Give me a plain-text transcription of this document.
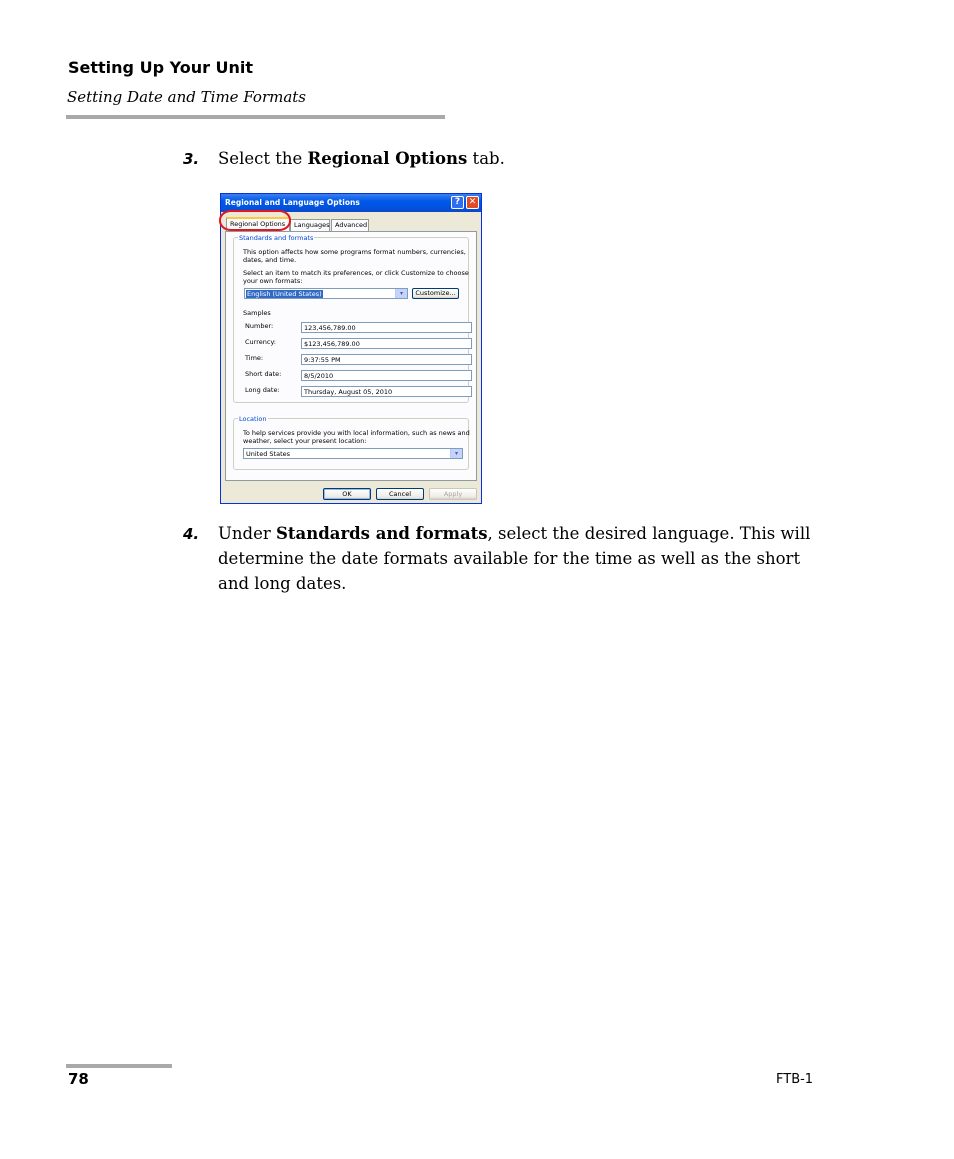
Setting Up Your Unit
Setting Date and Time Formats
3. Select the Regional Options tab.
Regional and Language Options	? ✕
Regional Options	Languages Advanced
Standards and formats
This option affects how some programs format numbers, currencies,
dates, and time.
Select an item to match its preferences, or click Customize to choose
your own formats:
English (United States)	▾	Customize...
Samples
Number:	123,456,789.00
Currency:	$123,456,789.00
Time:	9:37:55 PM
Short date:	8/5/2010
Long date:	Thursday, August 05, 2010
Location
To help services provide you with local information, such as news and
weather, select your present location:
United States	▾
OK	Cancel	Apply
4. Under Standards and formats, select the desired language. This will determine the date formats available for the time as well as the short and long dates.
78	FTB-1
